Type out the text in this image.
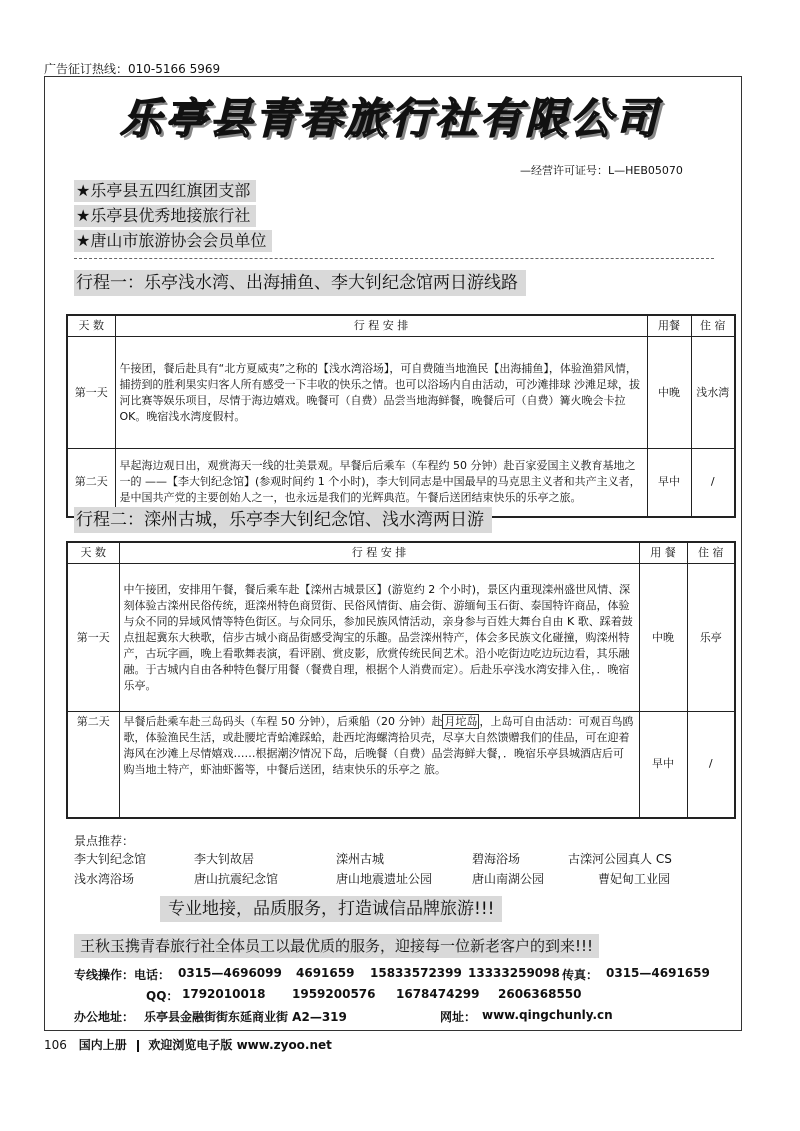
广告征订热线：010-5166 5969
乐亭县青春旅行社有限公司
—经营许可证号：L—HEB05070
★乐亭县五四红旗团支部
★乐亭县优秀地接旅行社
★唐山市旅游协会会员单位
行程一：乐亭浅水湾、出海捕鱼、李大钊纪念馆两日游线路
天 数	行 程 安 排	用餐	住 宿
第一天	午接团，餐后赴具有“北方夏威夷”之称的【浅水湾浴场】，可自费随当地渔民【出海捕鱼】，体验渔猎风情，捕捞到的胜利果实归客人所有感受一下丰收的快乐之情。也可以浴场内自由活动，可沙滩排球 沙滩足球，拔河比赛等娱乐项目，尽情于海边嬉戏。晚餐可（自费）品尝当地海鲜餐，晚餐后可（自费）篝火晚会卡拉 OK。晚宿浅水湾度假村。	中晚	浅水湾
第二天	早起海边观日出，观赏海天一线的壮美景观。早餐后后乘车（车程约 50 分钟）赴百家爱国主义教育基地之一的 ——【李大钊纪念馆】(参观时间约 1 个小时)，李大钊同志是中国最早的马克思主义者和共产主义者，是中国共产党的主要创始人之一，也永远是我们的光辉典范。午餐后送团结束快乐的乐亭之旅。	早中	/
行程二：滦州古城，乐亭李大钊纪念馆、浅水湾两日游
天 数	行 程 安 排	用 餐	住 宿
第一天	中午接团，安排用午餐，餐后乘车赴【滦州古城景区】(游览约 2 个小时)，景区内重现滦州盛世风情、深刻体验古滦州民俗传统，逛滦州特色商贸街、民俗风情街、庙会街、游缅甸玉石街、泰国特许商品，体验与众不同的异域风情等特色街区。与众同乐，参加民族风情活动，亲身参与百姓大舞台自由 K 歌、踩着鼓点扭起冀东大秧歌，信步古城小商品街感受淘宝的乐趣。品尝滦州特产，体会多民族文化碰撞，购滦州特产，古玩字画，晚上看歌舞表演，看评剧、赏皮影，欣赏传统民间艺术。沿小吃街边吃边玩边看，其乐融融。于古城内自由各种特色餐厅用餐（餐费自理，根据个人消费而定）。后赴乐亭浅水湾安排入住，．晚宿乐亭。	中晚	乐亭
第二天	早餐后赴乘车赴三岛码头（车程 50 分钟），后乘船（20 分钟）赴 月坨岛 ，上岛可自由活动：可观百鸟鸥歌，体验渔民生活，或赴腰坨青蛤滩踩蛤，赴西坨海螺湾拾贝壳，尽享大自然馈赠我们的佳品，可在迎着海风在沙滩上尽情嬉戏……根据潮汐情况下岛，后晚餐（自费）品尝海鲜大餐，．晚宿乐亭县城酒店后可购当地土特产，虾油虾酱等，中餐后送团，结束快乐的乐亭之 旅。	早中	/
景点推荐：
李大钊纪念馆	李大钊故居	滦州古城	碧海浴场	古滦河公园真人 CS
浅水湾浴场	唐山抗震纪念馆	唐山地震遗址公园	唐山南湖公园	曹妃甸工业园
专业地接，品质服务，打造诚信品牌旅游!!!
王秋玉携青春旅行社全体员工以最优质的服务，迎接每一位新老客户的到来!!!
专线操作：电话： 0315—4696099 4691659 15833572399 13333259098 传真： 0315—4691659
QQ： 1792010018 1959200576 1678474299 2606368550
办公地址： 乐亭县金融街街东延商业街 A2—319	网址： www.qingchunly.cn
106 国内上册 欢迎浏览电子版 www.zyoo.net
